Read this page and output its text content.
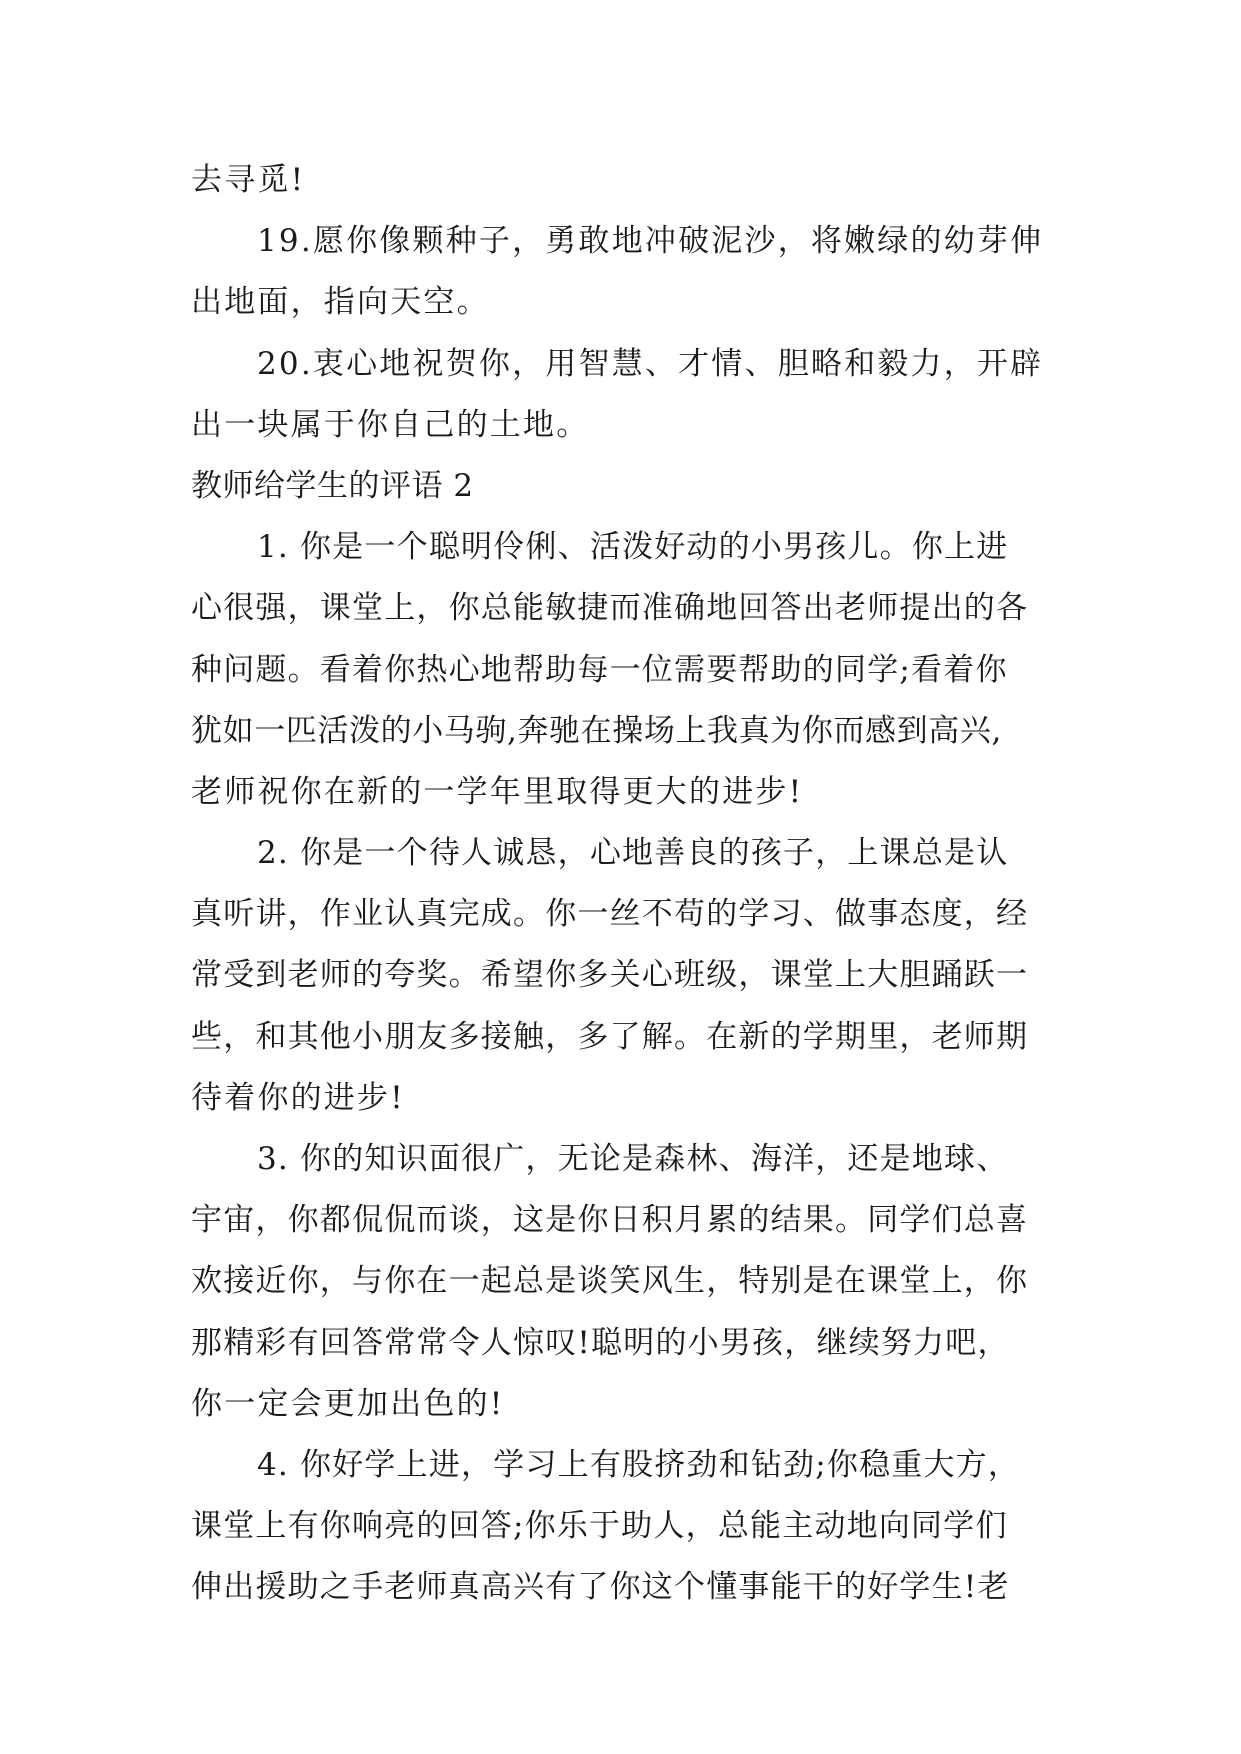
去寻觅!
19.愿你像颗种子，勇敢地冲破泥沙，将嫩绿的幼芽伸
出地面，指向天空。
20.衷心地祝贺你，用智慧、才情、胆略和毅力，开辟
出一块属于你自己的土地。
教师给学生的评语 2
1. 你是一个聪明伶俐、活泼好动的小男孩儿。你上进
心很强，课堂上，你总能敏捷而准确地回答出老师提出的各
种问题。看着你热心地帮助每一位需要帮助的同学;看着你
犹如一匹活泼的小马驹,奔驰在操场上我真为你而感到高兴,
老师祝你在新的一学年里取得更大的进步!
2. 你是一个待人诚恳，心地善良的孩子，上课总是认
真听讲，作业认真完成。你一丝不苟的学习、做事态度，经
常受到老师的夸奖。希望你多关心班级，课堂上大胆踊跃一
些，和其他小朋友多接触，多了解。在新的学期里，老师期
待着你的进步!
3. 你的知识面很广，无论是森林、海洋，还是地球、
宇宙，你都侃侃而谈，这是你日积月累的结果。同学们总喜
欢接近你，与你在一起总是谈笑风生，特别是在课堂上，你
那精彩有回答常常令人惊叹!聪明的小男孩，继续努力吧，
你一定会更加出色的!
4. 你好学上进，学习上有股挤劲和钻劲;你稳重大方，
课堂上有你响亮的回答;你乐于助人，总能主动地向同学们
伸出援助之手老师真高兴有了你这个懂事能干的好学生!老
